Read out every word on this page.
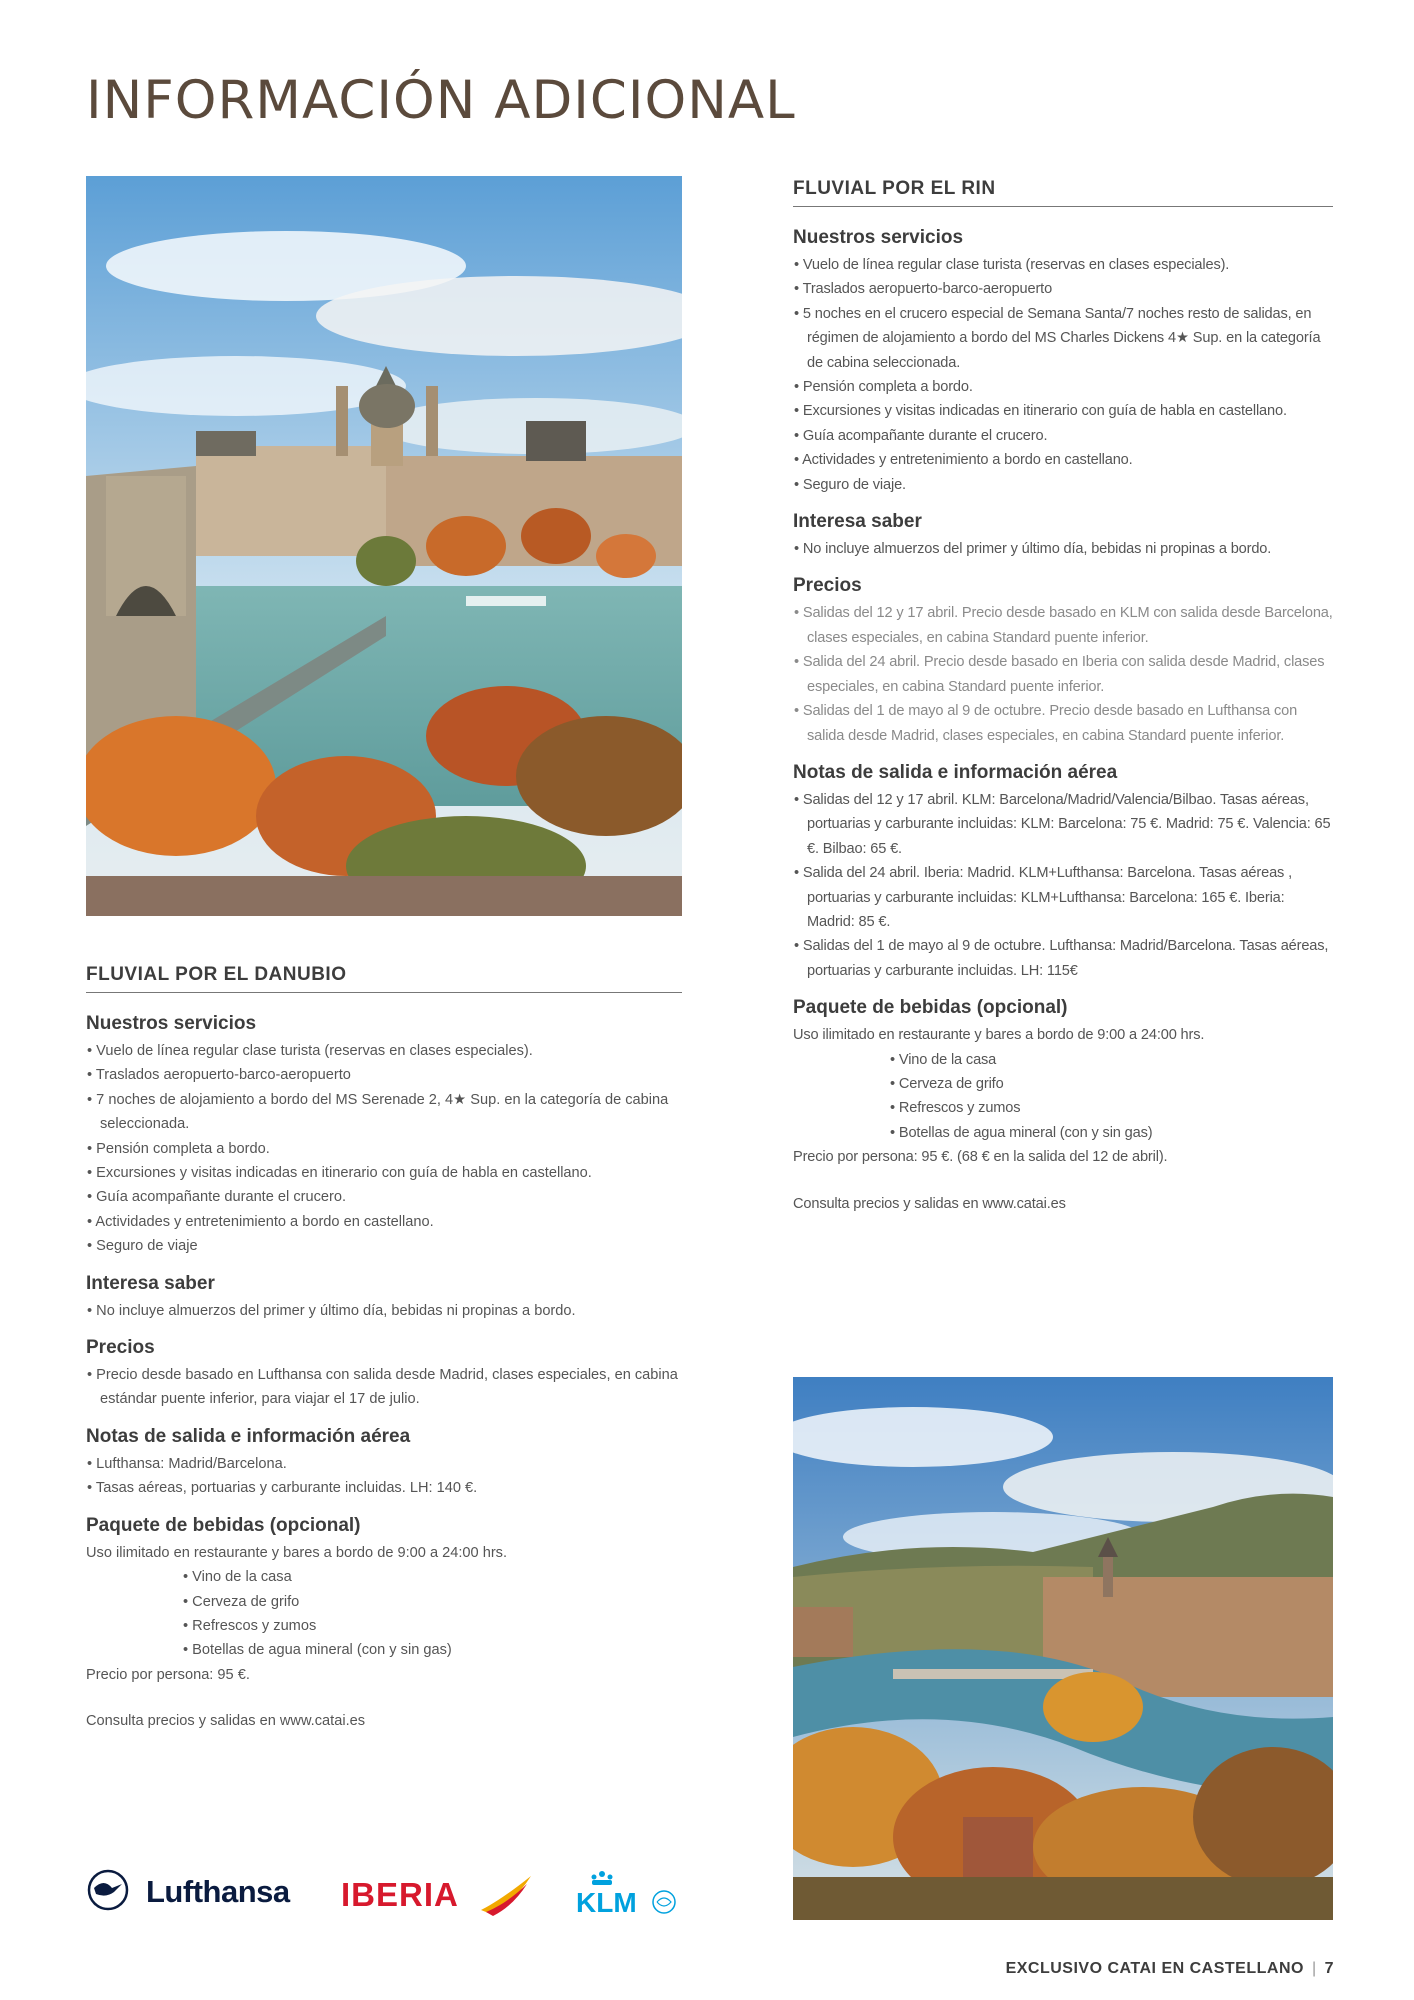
INFORMACIÓN ADICIONAL
FLUVIAL POR EL DANUBIO
Nuestros servicios
• Vuelo de línea regular clase turista (reservas en clases especiales).
• Traslados aeropuerto-barco-aeropuerto
• 7 noches de alojamiento a bordo del MS Serenade 2, 4★ Sup. en la categoría de cabina seleccionada.
• Pensión completa a bordo.
• Excursiones y visitas indicadas en itinerario con guía de habla en castellano.
• Guía acompañante durante el crucero.
• Actividades y entretenimiento a bordo en castellano.
• Seguro de viaje
Interesa saber
• No incluye almuerzos del primer y último día, bebidas ni propinas a bordo.
Precios
• Precio desde basado en Lufthansa con salida desde Madrid, clases especiales, en cabina estándar puente inferior, para viajar el 17 de julio.
Notas de salida e información aérea
• Lufthansa: Madrid/Barcelona.
• Tasas aéreas, portuarias y carburante incluidas. LH: 140 €.
Paquete de bebidas (opcional)

Uso ilimitado en restaurante y bares a bordo de 9:00 a 24:00 hrs.

• Vino de la casa
• Cerveza de grifo
• Refrescos y zumos
• Botellas de agua mineral (con y sin gas)

Precio por persona: 95 €.

Consulta precios y salidas en www.catai.es

FLUVIAL POR EL RIN
Nuestros servicios
• Vuelo de línea regular clase turista (reservas en clases especiales).
• Traslados aeropuerto-barco-aeropuerto
• 5 noches en el crucero especial de Semana Santa/7 noches resto de salidas, en régimen de alojamiento a bordo del MS Charles Dickens 4★ Sup. en la categoría de cabina seleccionada.
• Pensión completa a bordo.
• Excursiones y visitas indicadas en itinerario con guía de habla en castellano.
• Guía acompañante durante el crucero.
• Actividades y entretenimiento a bordo en castellano.
• Seguro de viaje.
Interesa saber
• No incluye almuerzos del primer y último día, bebidas ni propinas a bordo.
Precios
• Salidas del 12 y 17 abril. Precio desde basado en KLM con salida desde Barcelona, clases especiales, en cabina Standard puente inferior.
• Salida del 24 abril. Precio desde basado en Iberia con salida desde Madrid, clases especiales, en cabina Standard puente inferior.
• Salidas del 1 de mayo al 9 de octubre. Precio desde basado en Lufthansa con salida desde Madrid, clases especiales, en cabina Standard puente inferior.
Notas de salida e información aérea
• Salidas del 12 y 17 abril. KLM: Barcelona/Madrid/Valencia/Bilbao. Tasas aéreas, portuarias y carburante incluidas: KLM: Barcelona: 75 €. Madrid: 75 €. Valencia: 65 €. Bilbao: 65 €.
• Salida del 24 abril. Iberia: Madrid. KLM+Lufthansa: Barcelona. Tasas aéreas , portuarias y carburante incluidas: KLM+Lufthansa: Barcelona: 165 €. Iberia: Madrid: 85 €.
• Salidas del 1 de mayo al 9 de octubre. Lufthansa: Madrid/Barcelona. Tasas aéreas, portuarias y carburante incluidas. LH: 115€
Paquete de bebidas (opcional)

Uso ilimitado en restaurante y bares a bordo de 9:00 a 24:00 hrs.

• Vino de la casa
• Cerveza de grifo
• Refrescos y zumos
• Botellas de agua mineral (con y sin gas)

Precio por persona: 95 €. (68 € en la salida del 12 de abril).

Consulta precios y salidas en www.catai.es

Lufthansa IBERIA	KLM
EXCLUSIVO CATAI EN CASTELLANO | 7
